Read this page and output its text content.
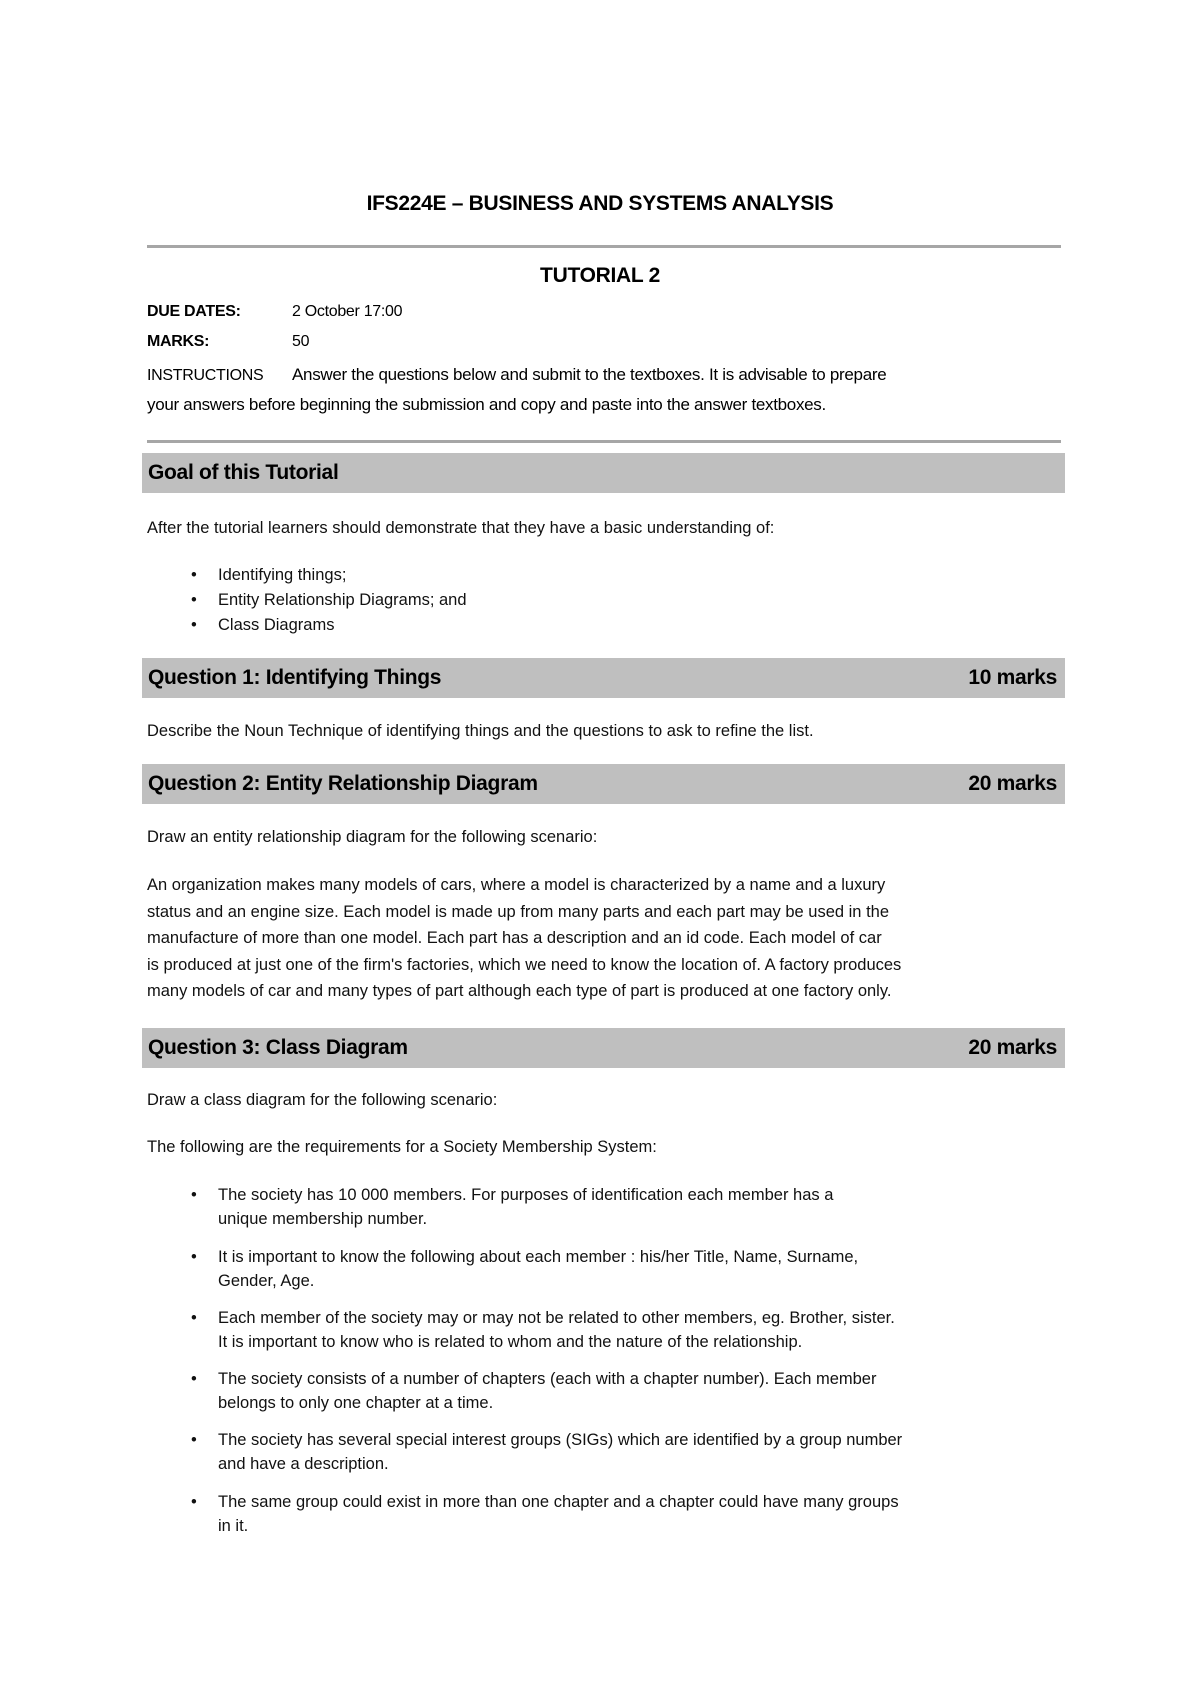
IFS224E – BUSINESS AND SYSTEMS ANALYSIS
TUTORIAL 2
DUE DATES:	2 October 17:00
MARKS:	50
INSTRUCTIONS Answer the questions below and submit to the textboxes. It is advisable to prepare
your answers before beginning the submission and copy and paste into the answer textboxes.
Goal of this Tutorial
After the tutorial learners should demonstrate that they have a basic understanding of:
• Identifying things;
• Entity Relationship Diagrams; and
• Class Diagrams
Question 1: Identifying Things	10 marks
Describe the Noun Technique of identifying things and the questions to ask to refine the list.
Question 2: Entity Relationship Diagram	20 marks
Draw an entity relationship diagram for the following scenario:
An organization makes many models of cars, where a model is characterized by a name and a luxury
status and an engine size. Each model is made up from many parts and each part may be used in the
manufacture of more than one model. Each part has a description and an id code. Each model of car
is produced at just one of the firm's factories, which we need to know the location of. A factory produces
many models of car and many types of part although each type of part is produced at one factory only.
Question 3: Class Diagram	20 marks
Draw a class diagram for the following scenario:
The following are the requirements for a Society Membership System:
• The society has 10 000 members. For purposes of identification each member has a
unique membership number.
• It is important to know the following about each member : his/her Title, Name, Surname,
Gender, Age.
• Each member of the society may or may not be related to other members, eg. Brother, sister.
It is important to know who is related to whom and the nature of the relationship.
• The society consists of a number of chapters (each with a chapter number). Each member
belongs to only one chapter at a time.
• The society has several special interest groups (SIGs) which are identified by a group number
and have a description.
• The same group could exist in more than one chapter and a chapter could have many groups
in it.
